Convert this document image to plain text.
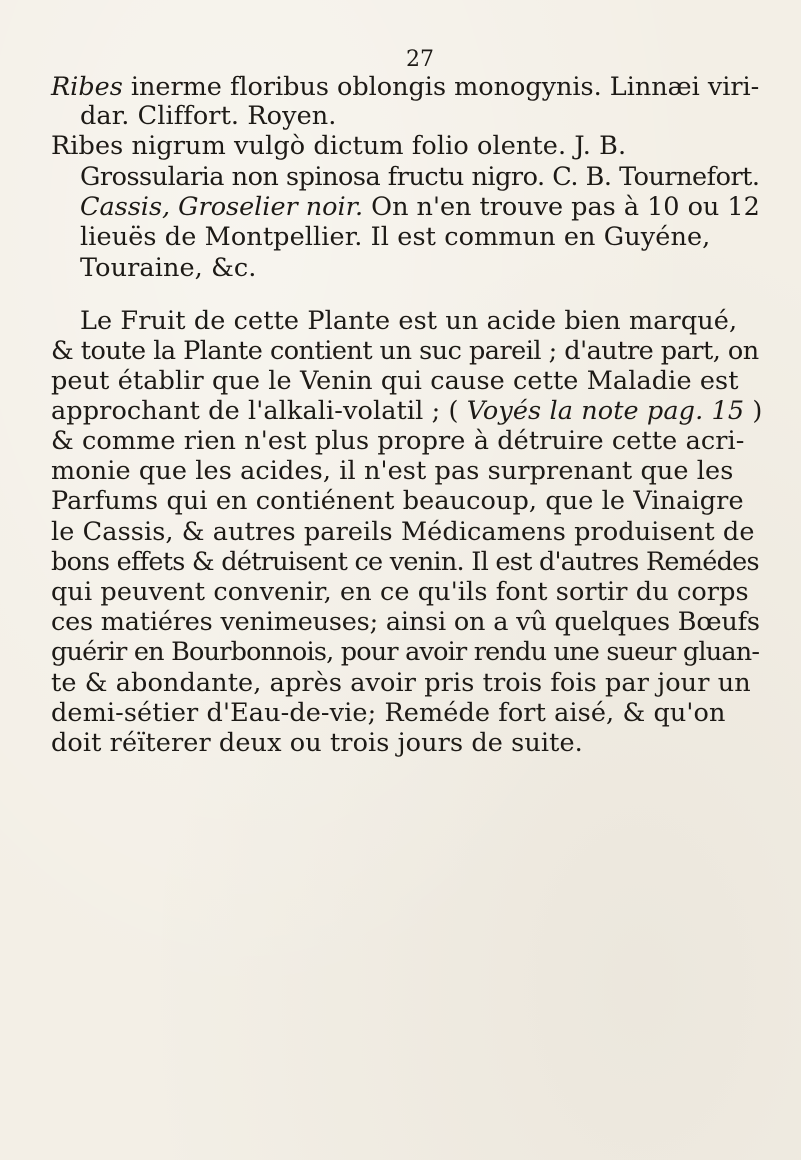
27
Ribes inerme floribus oblongis monogynis. Linnæi viri-
dar. Cliffort. Royen.
Ribes nigrum vulgò dictum folio olente. J. B.
Grossularia non spinosa fructu nigro. C. B. Tournefort.
Cassis, Groselier noir. On n'en trouve pas à 10 ou 12
lieuës de Montpellier. Il est commun en Guyéne,
Touraine, &c.
Le Fruit de cette Plante est un acide bien marqué,
& toute la Plante contient un suc pareil ; d'autre part, on
peut établir que le Venin qui cause cette Maladie est
approchant de l'alkali-volatil ; ( Voyés la note pag. 15 )
& comme rien n'est plus propre à détruire cette acri-
monie que les acides, il n'est pas surprenant que les
Parfums qui en contiénent beaucoup, que le Vinaigre
le Cassis, & autres pareils Médicamens produisent de
bons effets & détruisent ce venin. Il est d'autres Remédes
qui peuvent convenir, en ce qu'ils font sortir du corps
ces matiéres venimeuses; ainsi on a vû quelques Bœufs
guérir en Bourbonnois, pour avoir rendu une sueur gluan-
te & abondante, après avoir pris trois fois par jour un
demi-sétier d'Eau-de-vie; Reméde fort aisé, & qu'on
doit réïterer deux ou trois jours de suite.
